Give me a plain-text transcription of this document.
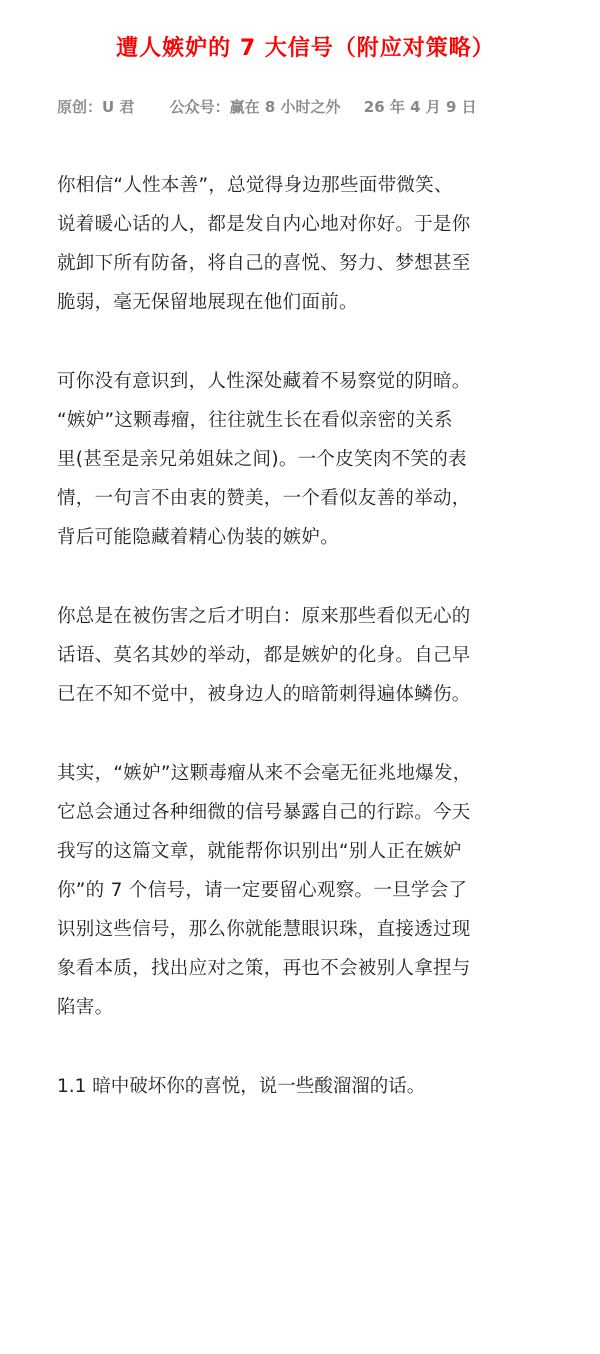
遭人嫉妒的 7 大信号（附应对策略）
原创：U 君 公众号：赢在 8 小时之外 26 年 4 月 9 日

你相信“人性本善”，总觉得身边那些面带微笑、
说着暖心话的人，都是发自内心地对你好。于是你
就卸下所有防备，将自己的喜悦、努力、梦想甚至
脆弱，毫无保留地展现在他们面前。

可你没有意识到，人性深处藏着不易察觉的阴暗。
“嫉妒”这颗毒瘤，往往就生长在看似亲密的关系
里(甚至是亲兄弟姐妹之间)。一个皮笑肉不笑的表
情，一句言不由衷的赞美，一个看似友善的举动，
背后可能隐藏着精心伪装的嫉妒。

你总是在被伤害之后才明白：原来那些看似无心的
话语、莫名其妙的举动，都是嫉妒的化身。自己早
已在不知不觉中，被身边人的暗箭刺得遍体鳞伤。

其实，“嫉妒”这颗毒瘤从来不会毫无征兆地爆发，
它总会通过各种细微的信号暴露自己的行踪。今天
我写的这篇文章，就能帮你识别出“别人正在嫉妒
你”的 7 个信号，请一定要留心观察。一旦学会了
识别这些信号，那么你就能慧眼识珠，直接透过现
象看本质，找出应对之策，再也不会被别人拿捏与
陷害。

1.1 暗中破坏你的喜悦，说一些酸溜溜的话。
